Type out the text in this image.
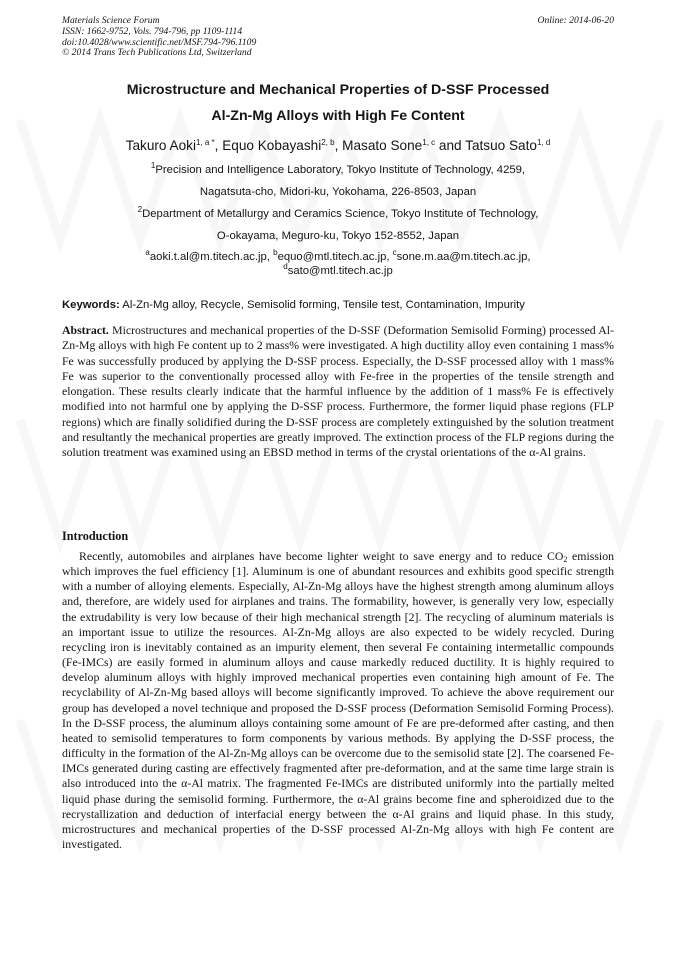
Materials Science Forum
ISSN: 1662-9752, Vols. 794-796, pp 1109-1114
doi:10.4028/www.scientific.net/MSF.794-796.1109
© 2014 Trans Tech Publications Ltd, Switzerland
Online: 2014-06-20
Microstructure and Mechanical Properties of D-SSF Processed
Al-Zn-Mg Alloys with High Fe Content
Takuro Aoki$^{1, a *}$, Equo Kobayashi$^{2, b}$, Masato Sone$^{1, c}$ and Tatsuo Sato$^{1, d}$
$^1$Precision and Intelligence Laboratory, Tokyo Institute of Technology, 4259,
Nagatsuta-cho, Midori-ku, Yokohama, 226-8503, Japan
$^2$Department of Metallurgy and Ceramics Science, Tokyo Institute of Technology,
O-okayama, Meguro-ku, Tokyo 152-8552, Japan
$^a$aoki.t.al@m.titech.ac.jp, $^b$equo@mtl.titech.ac.jp, $^c$sone.m.aa@m.titech.ac.jp,
$^d$sato@mtl.titech.ac.jp
Keywords: Al-Zn-Mg alloy, Recycle, Semisolid forming, Tensile test, Contamination, Impurity

Abstract. Microstructures and mechanical properties of the D-SSF (Deformation Semisolid Forming) processed Al-Zn-Mg alloys with high Fe content up to 2 mass% were investigated. A high ductility alloy even containing 1 mass% Fe was successfully produced by applying the D-SSF process. Especially, the D-SSF processed alloy with 1 mass% Fe was superior to the conventionally processed alloy with Fe-free in the properties of the tensile strength and elongation. These results clearly indicate that the harmful influence by the addition of 1 mass% Fe is effectively modified into not harmful one by applying the D-SSF process. Furthermore, the former liquid phase regions (FLP regions) which are finally solidified during the D-SSF process are completely extinguished by the solution treatment and resultantly the mechanical properties are greatly improved. The extinction process of the FLP regions during the solution treatment was examined using an EBSD method in terms of the crystal orientations of the α-Al grains.

Introduction

Recently, automobiles and airplanes have become lighter weight to save energy and to reduce CO2 emission which improves the fuel efficiency [1]. Aluminum is one of abundant resources and exhibits good specific strength with a number of alloying elements. Especially, Al-Zn-Mg alloys have the highest strength among aluminum alloys and, therefore, are widely used for airplanes and trains. The formability, however, is generally very low, especially the extrudability is very low because of their high mechanical strength [2]. The recycling of aluminum materials is an important issue to utilize the resources. Al-Zn-Mg alloys are also expected to be widely recycled. During recycling iron is inevitably contained as an impurity element, then several Fe containing intermetallic compounds (Fe-IMCs) are easily formed in aluminum alloys and cause markedly reduced ductility. It is highly required to develop aluminum alloys with highly improved mechanical properties even containing high amount of Fe. The recyclability of Al-Zn-Mg based alloys will become significantly improved. To achieve the above requirement our group has developed a novel technique and proposed the D-SSF process (Deformation Semisolid Forming Process). In the D-SSF process, the aluminum alloys containing some amount of Fe are pre-deformed after casting, and then heated to semisolid temperatures to form components by various methods. By applying the D-SSF process, the difficulty in the formation of the Al-Zn-Mg alloys can be overcome due to the semisolid state [2]. The coarsened Fe-IMCs generated during casting are effectively fragmented after pre-deformation, and at the same time large strain is also introduced into the α-Al matrix. The fragmented Fe-IMCs are distributed uniformly into the partially melted liquid phase during the semisolid forming. Furthermore, the α-Al grains become fine and spheroidized due to the recrystallization and deduction of interfacial energy between the α-Al grains and liquid phase. In this study, microstructures and mechanical properties of the D-SSF processed Al-Zn-Mg alloys with high Fe content are investigated.
